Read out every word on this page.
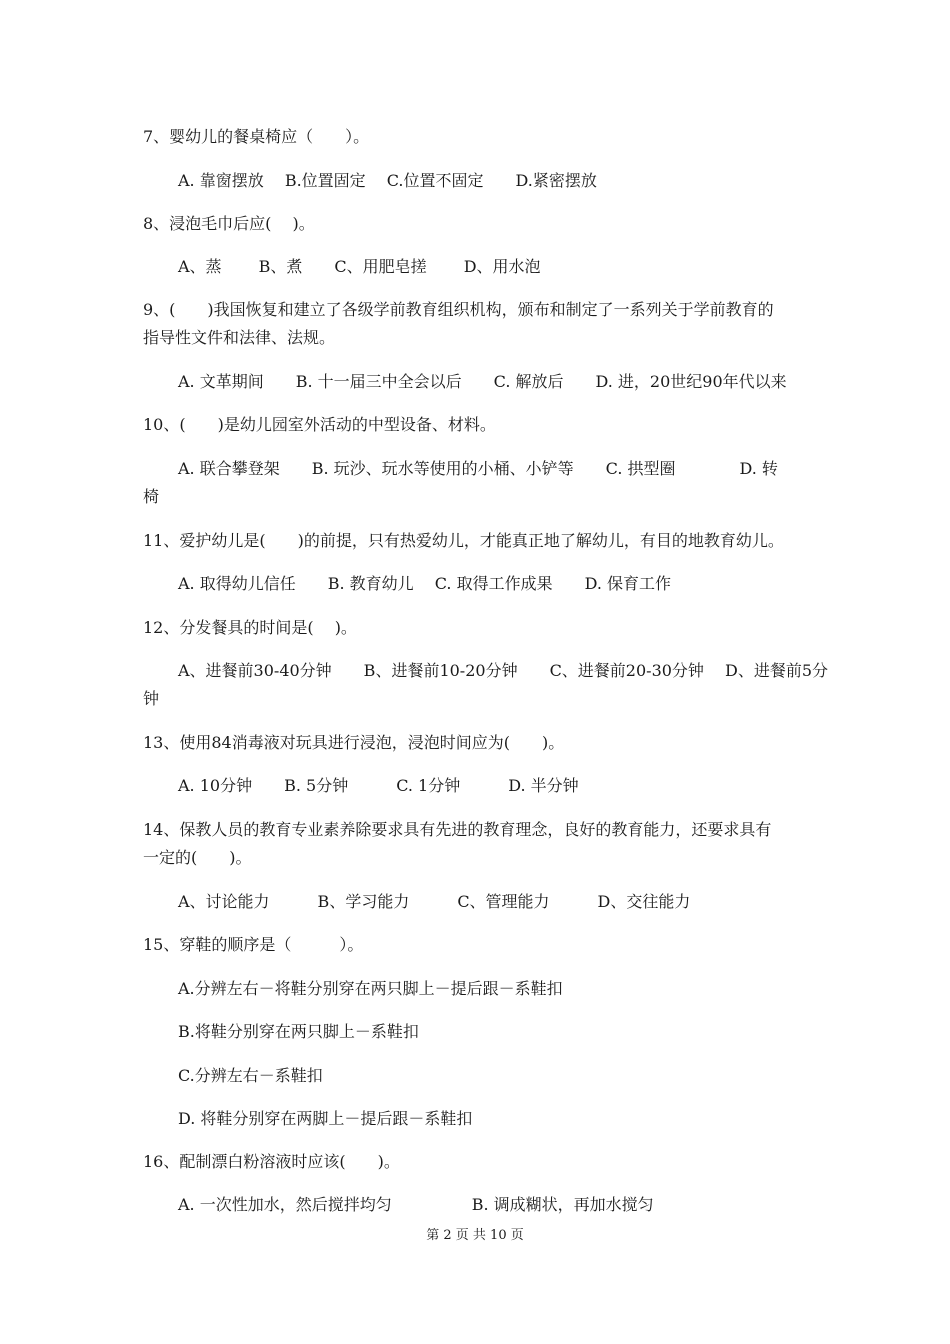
7、婴幼儿的餐桌椅应（　　）。
A. 靠窗摆放　 B.位置固定　 C.位置不固定　　D.紧密摆放
8、浸泡毛巾后应(　 )。
A、蒸　　 B、煮　　C、用肥皂搓　　 D、用水泡
9、(　　)我国恢复和建立了各级学前教育组织机构，颁布和制定了一系列关于学前教育的
指导性文件和法律、法规。
A. 文革期间　　B. 十一届三中全会以后　　C. 解放后　　D. 进，20世纪90年代以来
10、(　　)是幼儿园室外活动的中型设备、材料。
A. 联合攀登架　　B. 玩沙、玩水等使用的小桶、小铲等　　C. 拱型圈　　　　D. 转
椅
11、爱护幼儿是(　　)的前提，只有热爱幼儿，才能真正地了解幼儿，有目的地教育幼儿。
A. 取得幼儿信任　　B. 教育幼儿　 C. 取得工作成果　　D. 保育工作
12、分发餐具的时间是(　 )。
A、进餐前30-40分钟　　B、进餐前10-20分钟　　C、进餐前20-30分钟　 D、进餐前5分
钟
13、使用84消毒液对玩具进行浸泡，浸泡时间应为(　　)。
A. 10分钟　　B. 5分钟　　　C. 1分钟　　　D. 半分钟
14、保教人员的教育专业素养除要求具有先进的教育理念，良好的教育能力，还要求具有
一定的(　　)。
A、讨论能力　　　B、学习能力　　　C、管理能力　　　D、交往能力
15、穿鞋的顺序是（　　　）。
A.分辨左右－将鞋分别穿在两只脚上－提后跟－系鞋扣
B.将鞋分别穿在两只脚上－系鞋扣
C.分辨左右－系鞋扣
D. 将鞋分别穿在两脚上－提后跟－系鞋扣
16、配制漂白粉溶液时应该(　　)。
A. 一次性加水，然后搅拌均匀　　　　　B. 调成糊状，再加水搅匀
第 2 页 共 10 页
